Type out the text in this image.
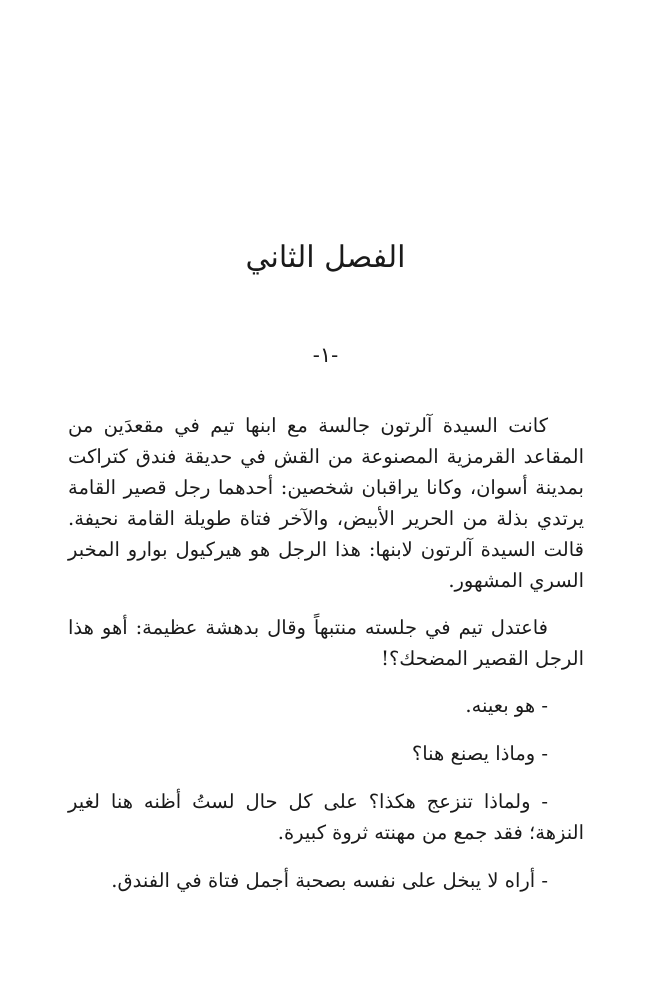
الفصل الثاني
-١-

كانت السيدة آلرتون جالسة مع ابنها تيم في مقعدَين من المقاعد القرمزية المصنوعة من القش في حديقة فندق كتراكت بمدينة أسوان، وكانا يراقبان شخصين: أحدهما رجل قصير القامة يرتدي بذلة من الحرير الأبيض، والآخر فتاة طويلة القامة نحيفة. قالت السيدة آلرتون لابنها: هذا الرجل هو هيركيول بوارو المخبر السري المشهور.

فاعتدل تيم في جلسته منتبهاً وقال بدهشة عظيمة: أهو هذا الرجل القصير المضحك؟!

- هو بعينه.

- وماذا يصنع هنا؟

- ولماذا تنزعج هكذا؟ على كل حال لستُ أظنه هنا لغير النزهة؛ فقد جمع من مهنته ثروة كبيرة.

- أراه لا يبخل على نفسه بصحبة أجمل فتاة في الفندق.
